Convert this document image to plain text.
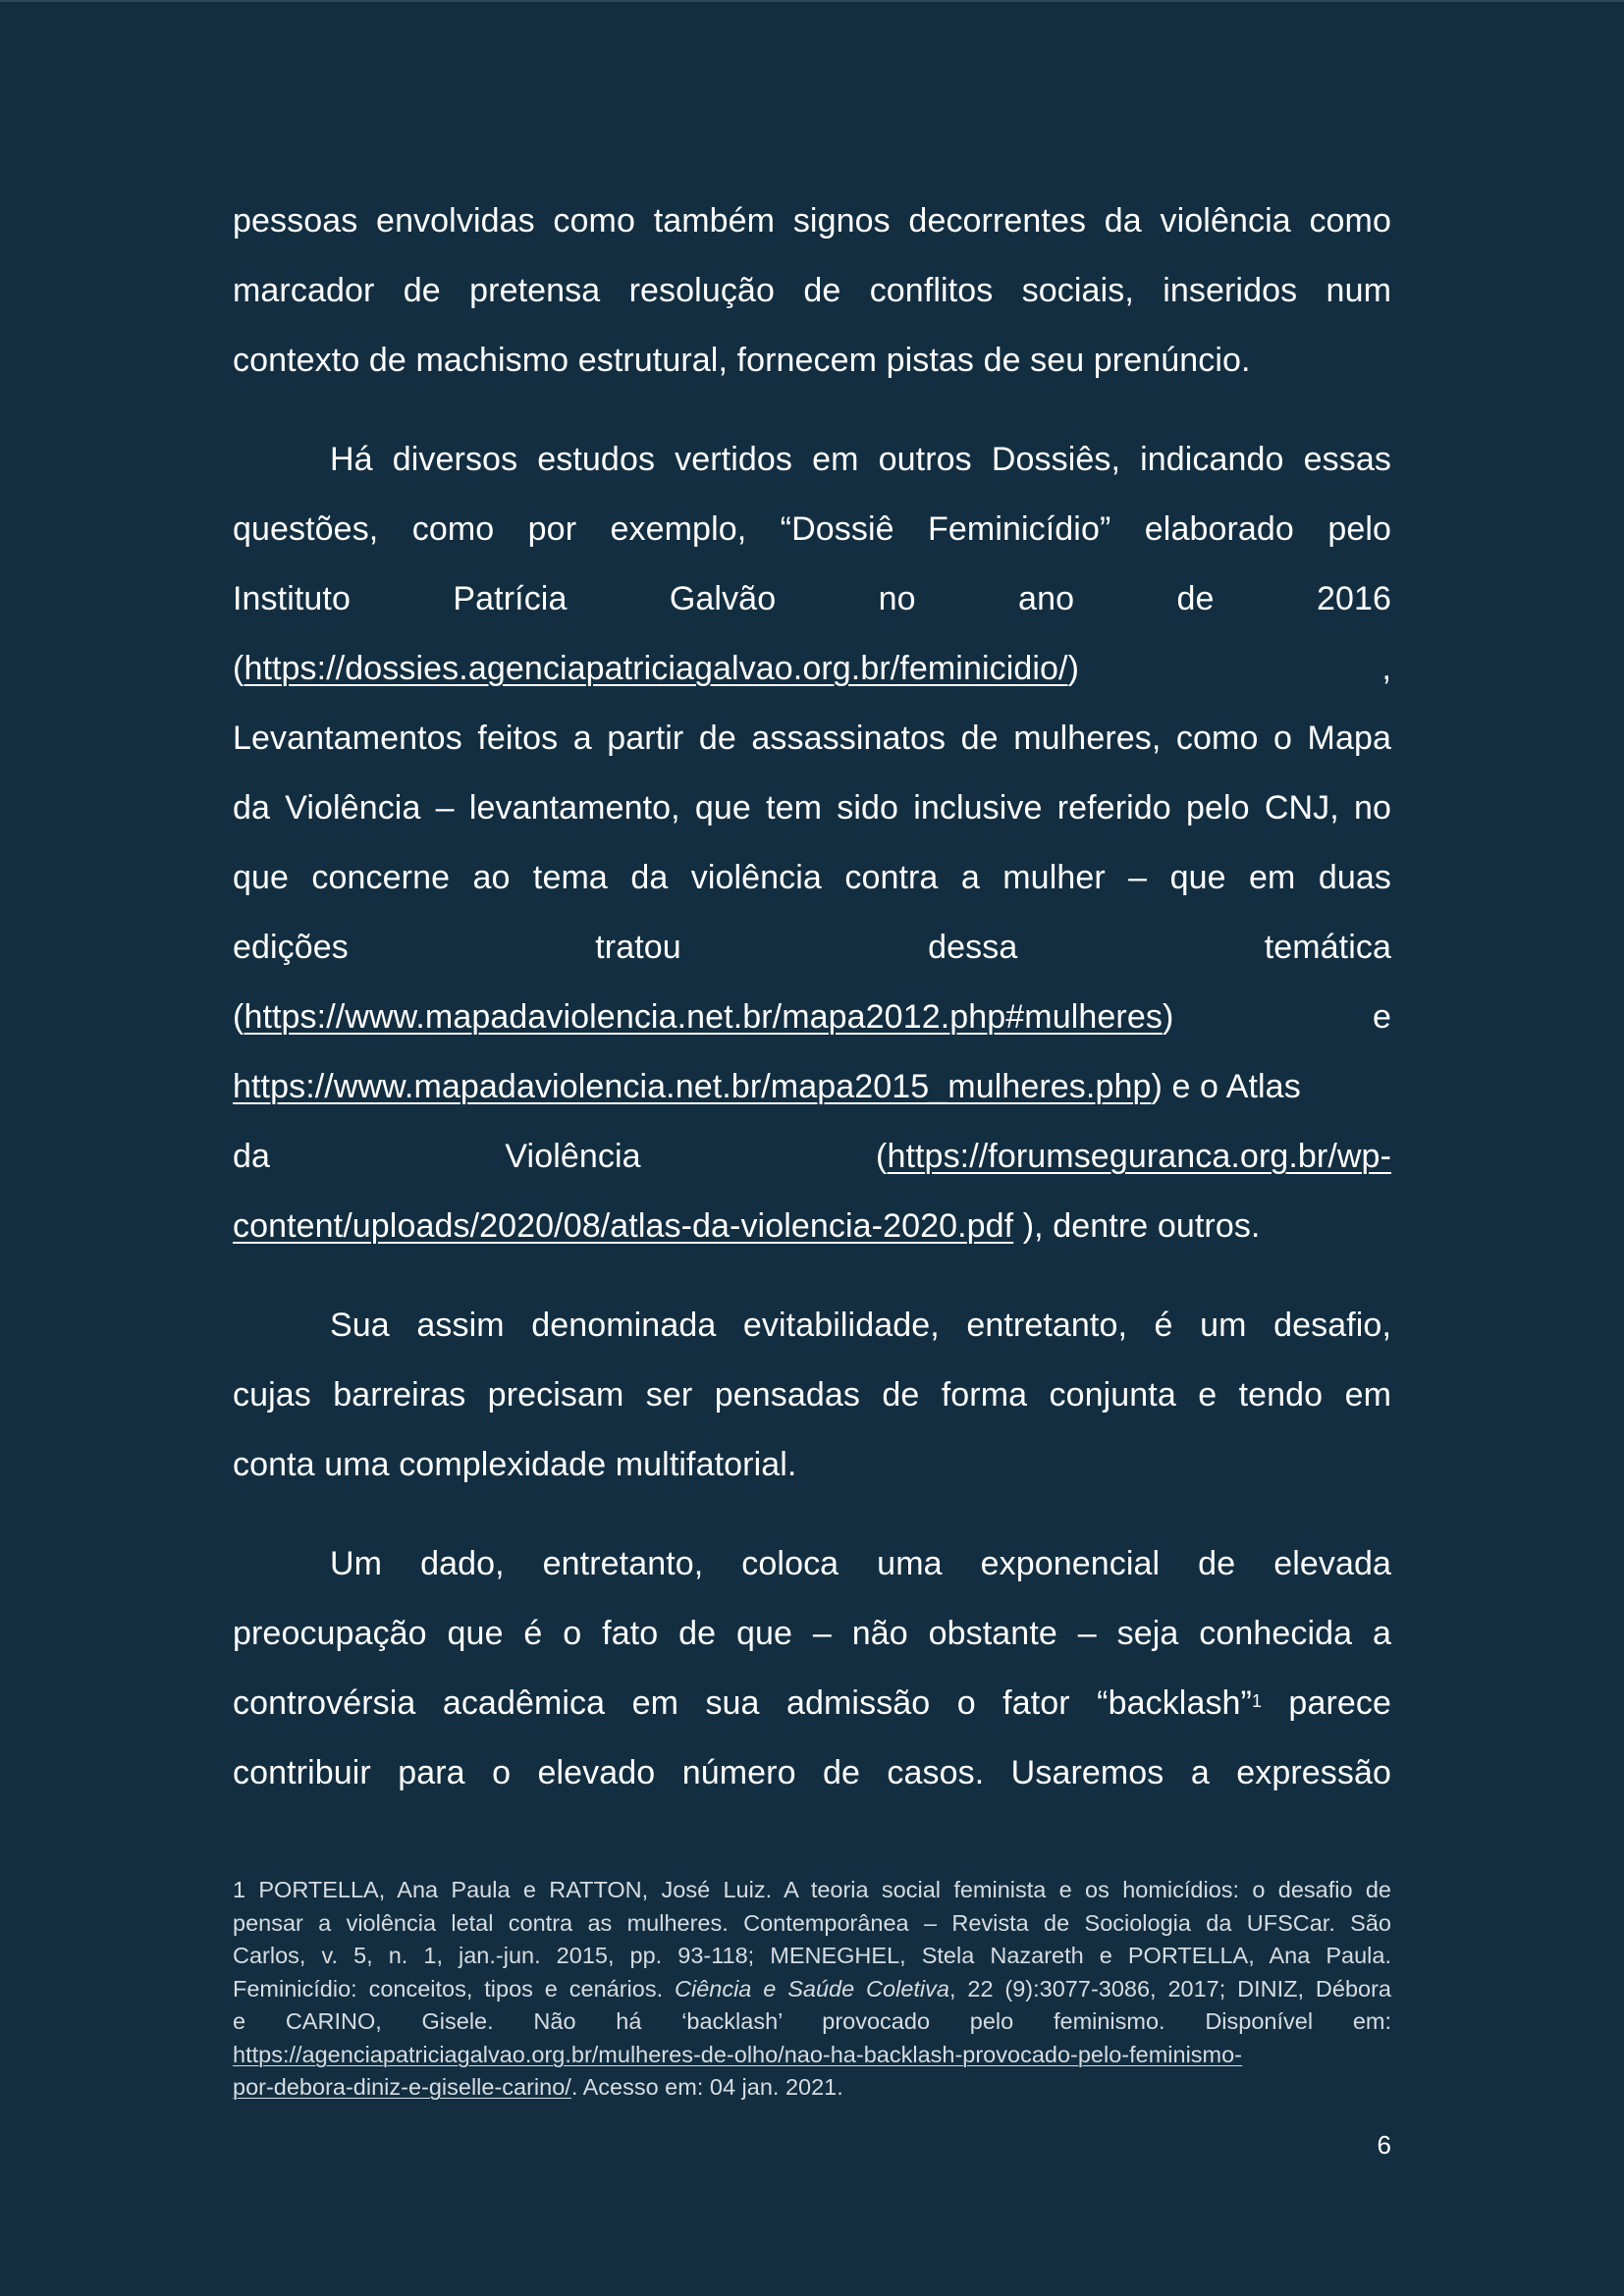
pessoas envolvidas como também signos decorrentes da violência como
marcador de pretensa resolução de conflitos sociais, inseridos num
contexto de machismo estrutural, fornecem pistas de seu prenúncio.

Há diversos estudos vertidos em outros Dossiês, indicando essas
questões, como por exemplo, “Dossiê Feminicídio” elaborado pelo
Instituto Patrícia Galvão no ano de 2016
(https://dossies.agenciapatriciagalvao.org.br/feminicidio/)	,
Levantamentos feitos a partir de assassinatos de mulheres, como o Mapa
da Violência – levantamento, que tem sido inclusive referido pelo CNJ, no
que concerne ao tema da violência contra a mulher – que em duas
edições tratou dessa temática
(https://www.mapadaviolencia.net.br/mapa2012.php#mulheres)	e
https://www.mapadaviolencia.net.br/mapa2015_mulheres.php) e o Atlas
da	Violência	(https://forumseguranca.org.br/wp-
content/uploads/2020/08/atlas-da-violencia-2020.pdf ), dentre outros.

Sua assim denominada evitabilidade, entretanto, é um desafio,
cujas barreiras precisam ser pensadas de forma conjunta e tendo em
conta uma complexidade multifatorial.

Um dado, entretanto, coloca uma exponencial de elevada
preocupação que é o fato de que – não obstante – seja conhecida a
controvérsia acadêmica em sua admissão o fator “backlash”$^1$ parece
contribuir para o elevado número de casos. Usaremos a expressão

1 PORTELLA, Ana Paula e RATTON, José Luiz. A teoria social feminista e os homicídios: o desafio de
pensar a violência letal contra as mulheres. Contemporânea – Revista de Sociologia da UFSCar. São
Carlos, v. 5, n. 1, jan.-jun. 2015, pp. 93-118; MENEGHEL, Stela Nazareth e PORTELLA, Ana Paula.
Feminicídio: conceitos, tipos e cenários. Ciência e Saúde Coletiva, 22 (9):3077-3086, 2017; DINIZ, Débora
e CARINO, Gisele. Não há ‘backlash’ provocado pelo feminismo. Disponível em:
https://agenciapatriciagalvao.org.br/mulheres-de-olho/nao-ha-backlash-provocado-pelo-feminismo-
por-debora-diniz-e-giselle-carino/. Acesso em: 04 jan. 2021.
6
